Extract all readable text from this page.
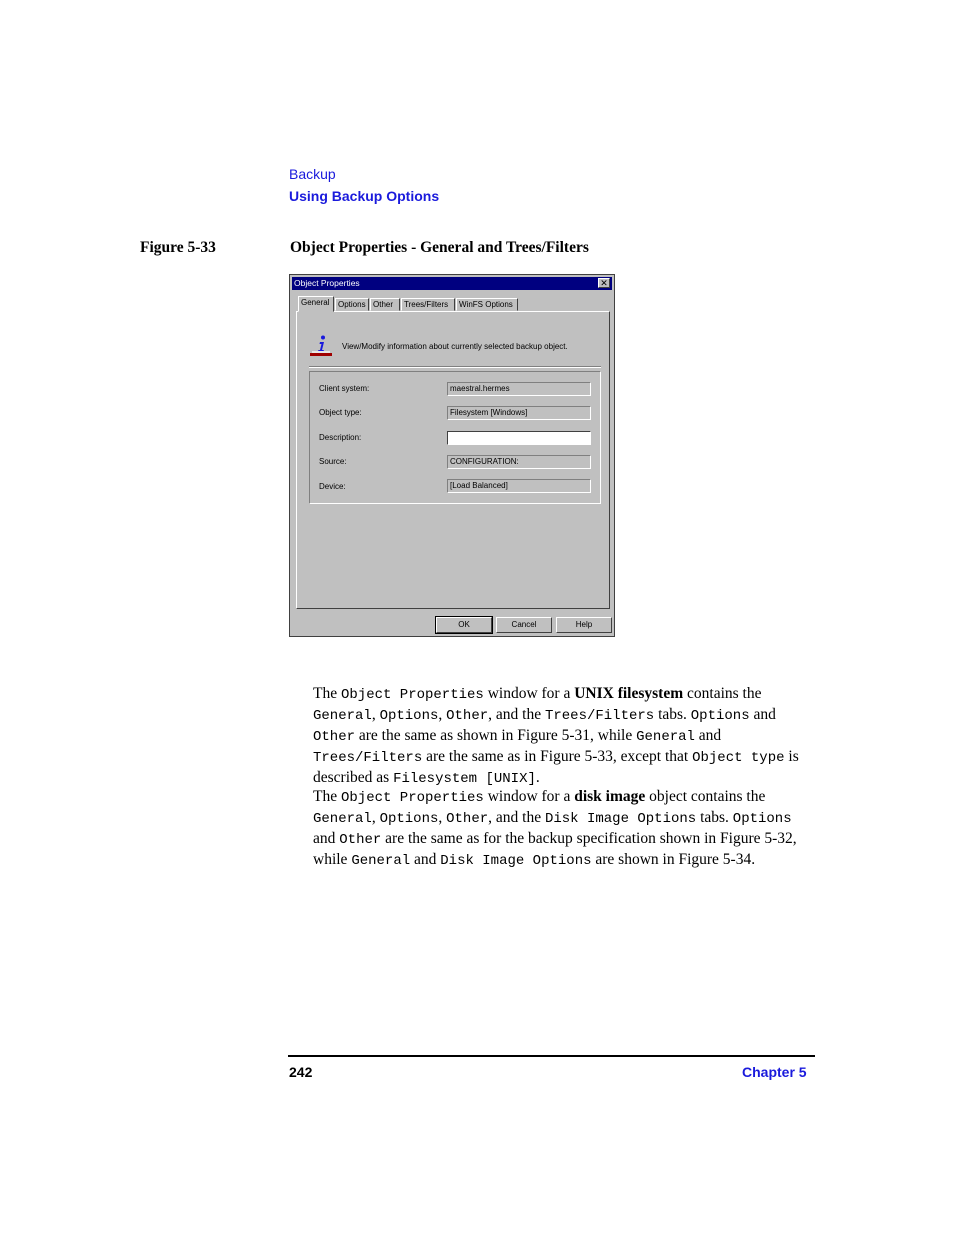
Backup
Using Backup Options
Figure 5-33	Object Properties - General and Trees/Filters
Object Properties	✕
General	Options Other	Trees/Filters	WinFS Options
View/Modify information about currently selected backup object.
Client system:	maestral.hermes
Object type:	Filesystem [Windows]
Description:
Source:	CONFIGURATION:
Device:	[Load Balanced]
OK	Cancel	Help
The Object Properties window for a UNIX filesystem contains the General, Options, Other, and the Trees/Filters tabs. Options and Other are the same as shown in Figure 5-31, while General and Trees/Filters are the same as in Figure 5-33, except that Object type is described as Filesystem [UNIX].
The Object Properties window for a disk image object contains the General, Options, Other, and the Disk Image Options tabs. Options and Other are the same as for the backup specification shown in Figure 5-32, while General and Disk Image Options are shown in Figure 5-34.
242	Chapter 5
